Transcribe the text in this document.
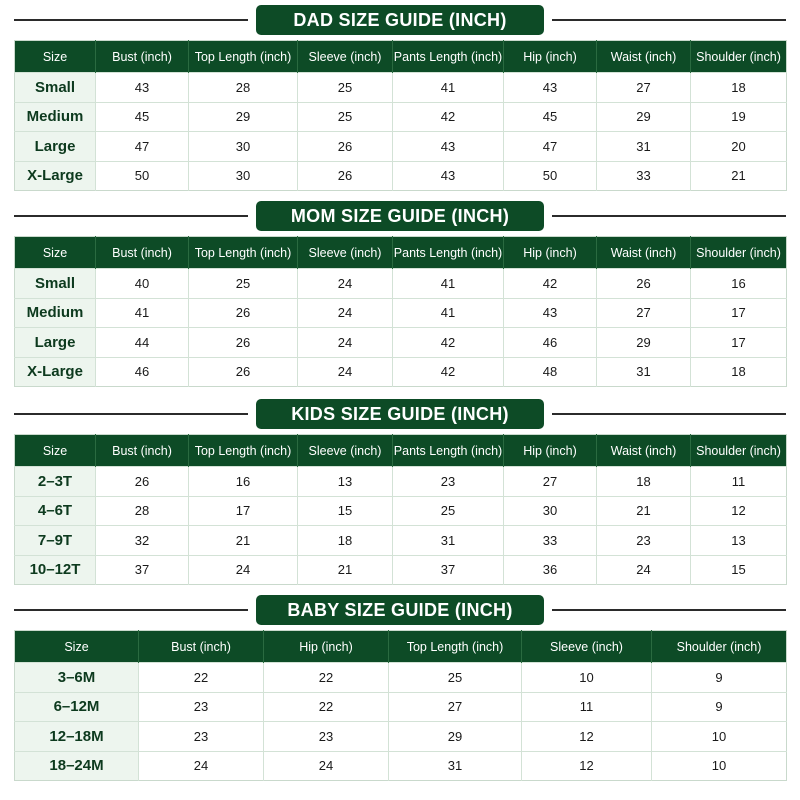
DAD SIZE GUIDE (INCH)
Size	Bust (inch)	Top Length (inch)	Sleeve (inch)	Pants Length (inch)	Hip (inch)	Waist (inch)	Shoulder (inch)
Small	43	28	25	41	43	27	18
Medium	45	29	25	42	45	29	19
Large	47	30	26	43	47	31	20
X-Large	50	30	26	43	50	33	21
MOM SIZE GUIDE (INCH)
Size	Bust (inch)	Top Length (inch)	Sleeve (inch)	Pants Length (inch)	Hip (inch)	Waist (inch)	Shoulder (inch)
Small	40	25	24	41	42	26	16
Medium	41	26	24	41	43	27	17
Large	44	26	24	42	46	29	17
X-Large	46	26	24	42	48	31	18
KIDS SIZE GUIDE (INCH)
Size	Bust (inch)	Top Length (inch)	Sleeve (inch)	Pants Length (inch)	Hip (inch)	Waist (inch)	Shoulder (inch)
2–3T	26	16	13	23	27	18	11
4–6T	28	17	15	25	30	21	12
7–9T	32	21	18	31	33	23	13
10–12T	37	24	21	37	36	24	15
BABY SIZE GUIDE (INCH)
Size	Bust (inch)	Hip (inch)	Top Length (inch)	Sleeve (inch)	Shoulder (inch)
3–6M	22	22	25	10	9
6–12M	23	22	27	11	9
12–18M	23	23	29	12	10
18–24M	24	24	31	12	10
